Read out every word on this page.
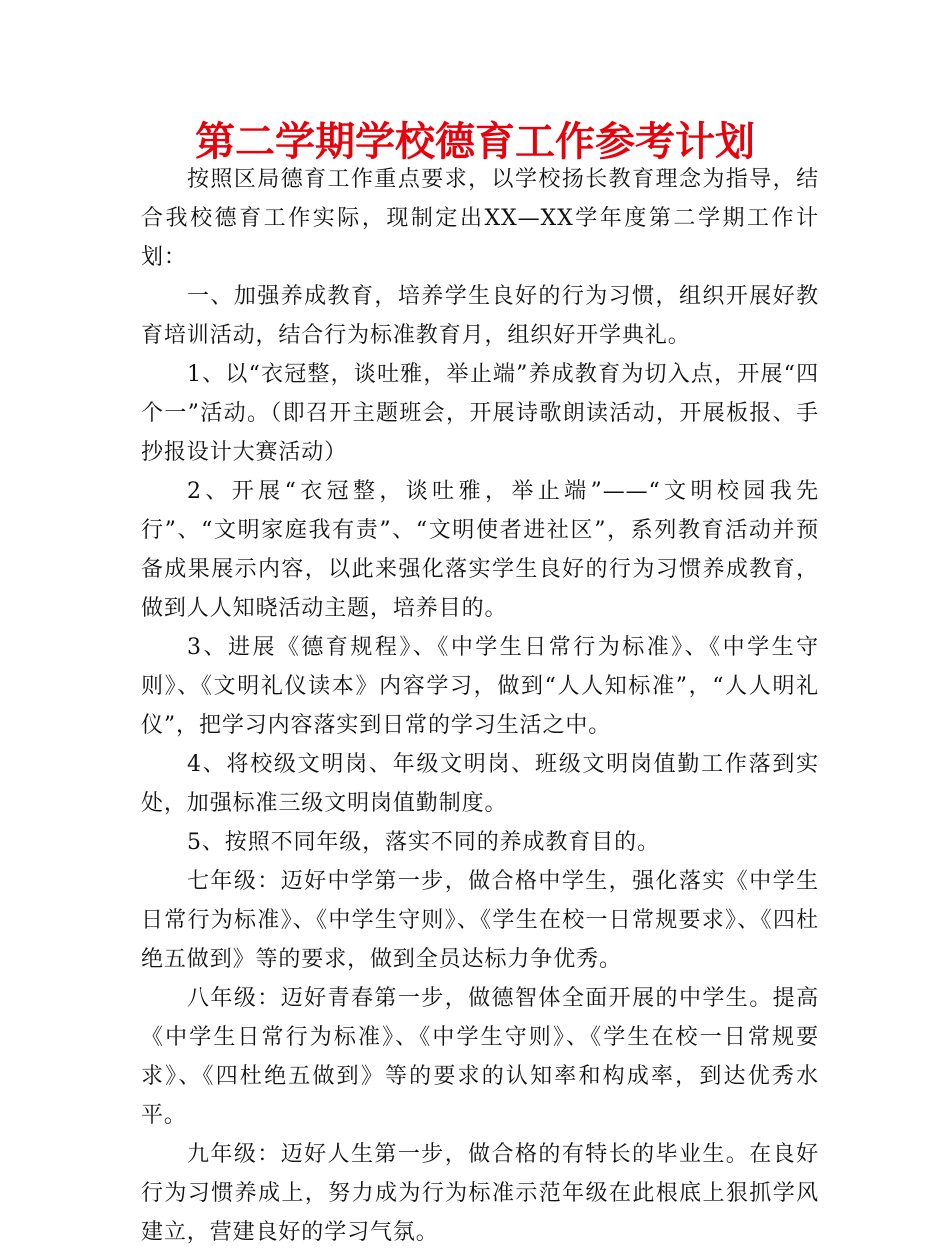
第二学期学校德育工作参考计划

按照区局德育工作重点要求，以学校扬长教育理念为指导，结合我校德育工作实际，现制定出XX—XX学年度第二学期工作计划：

一、加强养成教育，培养学生良好的行为习惯，组织开展好教育培训活动，结合行为标准教育月，组织好开学典礼。

1、以“衣冠整，谈吐雅，举止端”养成教育为切入点，开展“四个一”活动。（即召开主题班会，开展诗歌朗读活动，开展板报、手抄报设计大赛活动）

2、开展“衣冠整，谈吐雅，举止端”——“文明校园我先行”、“文明家庭我有责”、“文明使者进社区”，系列教育活动并预备成果展示内容，以此来强化落实学生良好的行为习惯养成教育，做到人人知晓活动主题，培养目的。

3、进展《德育规程》、《中学生日常行为标准》、《中学生守则》、《文明礼仪读本》内容学习，做到“人人知标准”，“人人明礼仪”，把学习内容落实到日常的学习生活之中。

4、将校级文明岗、年级文明岗、班级文明岗值勤工作落到实处，加强标准三级文明岗值勤制度。

5、按照不同年级，落实不同的养成教育目的。

七年级：迈好中学第一步，做合格中学生，强化落实《中学生日常行为标准》、《中学生守则》、《学生在校一日常规要求》、《四杜绝五做到》等的要求，做到全员达标力争优秀。

八年级：迈好青春第一步，做德智体全面开展的中学生。提高《中学生日常行为标准》、《中学生守则》、《学生在校一日常规要求》、《四杜绝五做到》等的要求的认知率和构成率，到达优秀水平。

九年级：迈好人生第一步，做合格的有特长的毕业生。在良好行为习惯养成上，努力成为行为标准示范年级在此根底上狠抓学风建立，营建良好的学习气氛。
